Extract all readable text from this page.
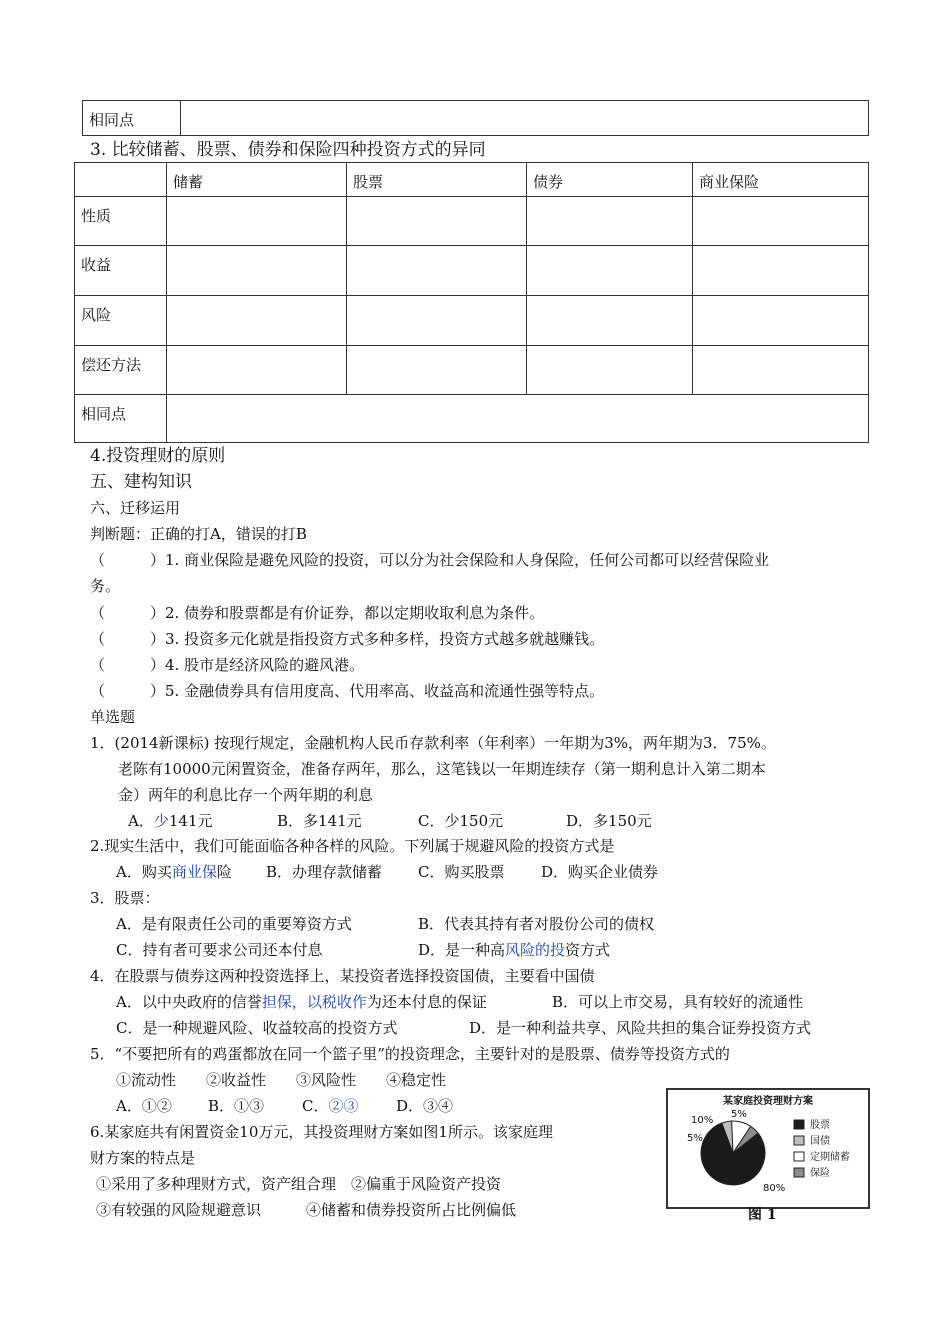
相同点	
3. 比较储蓄、股票、债券和保险四种投资方式的异同
	储蓄	股票	债券	商业保险
性质				
收益				
风险				
偿还方法				
相同点				
4.投资理财的原则
五、建构知识
六、迁移运用
判断题：正确的打A，错误的打B
（　　　）1. 商业保险是避免风险的投资，可以分为社会保险和人身保险，任何公司都可以经营保险业
务。
（　　　）2. 债券和股票都是有价证券，都以定期收取利息为条件。
（　　　）3. 投资多元化就是指投资方式多种多样，投资方式越多就越赚钱。
（　　　）4. 股市是经济风险的避风港。
（　　　）5. 金融债券具有信用度高、代用率高、收益高和流通性强等特点。
单选题
1．(2014新课标) 按现行规定，金融机构人民币存款利率（年利率）一年期为3%，两年期为3．75%。
老陈有10000元闲置资金，准备存两年，那么，这笔钱以一年期连续存（第一期利息计入第二期本
金）两年的利息比存一个两年期的利息
A．少141元	B．多141元	C．少150元	D．多150元
2.现实生活中，我们可能面临各种各样的风险。下列属于规避风险的投资方式是
A．购买商业保险 B．办理存款储蓄 C．购买股票 D．购买企业债券
3．股票：
A．是有限责任公司的重要筹资方式	B．代表其持有者对股份公司的债权
C．持有者可要求公司还本付息	D．是一种高风险的投资方式
4．在股票与债券这两种投资选择上，某投资者选择投资国债，主要看中国债
A．以中央政府的信誉担保，以税收作为还本付息的保证	B．可以上市交易，具有较好的流通性
C．是一种规避风险、收益较高的投资方式	D．是一种利益共享、风险共担的集合证券投资方式
5．“不要把所有的鸡蛋都放在同一个篮子里”的投资理念，主要针对的是股票、债券等投资方式的
①流动性　　②收益性　　③风险性　　④稳定性
A．①② B．①③	C．②③	D．③④
6.某家庭共有闲置资金10万元，其投资理财方案如图1所示。该家庭理
财方案的特点是
①采用了多种理财方式，资产组合理　②偏重于风险资产投资
③有较强的风险规避意识　　　④储蓄和债券投资所占比例偏低
某家庭投资理财方案
80%
5%
10%
5%
股票
国债
定期储蓄
保险
图 1
